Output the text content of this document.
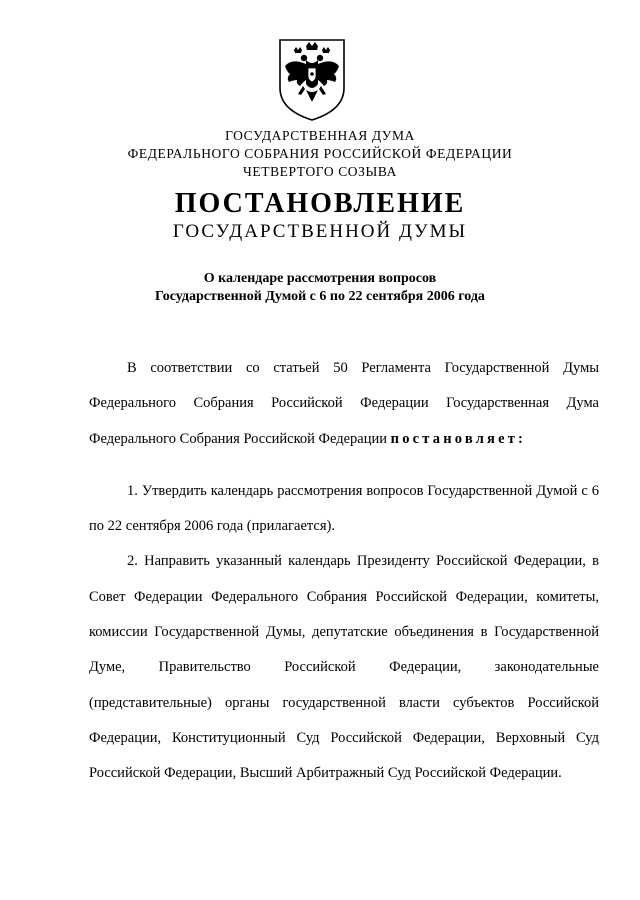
ГОСУДАРСТВЕННАЯ ДУМА
ФЕДЕРАЛЬНОГО СОБРАНИЯ РОССИЙСКОЙ ФЕДЕРАЦИИ
ЧЕТВЕРТОГО СОЗЫВА
ПОСТАНОВЛЕНИЕ
ГОСУДАРСТВЕННОЙ ДУМЫ
О календаре рассмотрения вопросов
Государственной Думой с 6 по 22 сентября 2006 года

В соответствии со статьей 50 Регламента Государственной Думы Федерального Собрания Российской Федерации Государственная Дума Федерального Собрания Российской Федерации постановляет:

1. Утвердить календарь рассмотрения вопросов Государственной Думой с 6 по 22 сентября 2006 года (прилагается).

2. Направить указанный календарь Президенту Российской Федерации, в Совет Федерации Федерального Собрания Российской Федерации, комитеты, комиссии Государственной Думы, депутатские объединения в Государственной Думе, Правительство Российской Федерации, законодательные (представительные) органы государственной власти субъектов Российской Федерации, Конституционный Суд Российской Федерации, Верховный Суд Российской Федерации, Высший Арбитражный Суд Российской Федерации.
